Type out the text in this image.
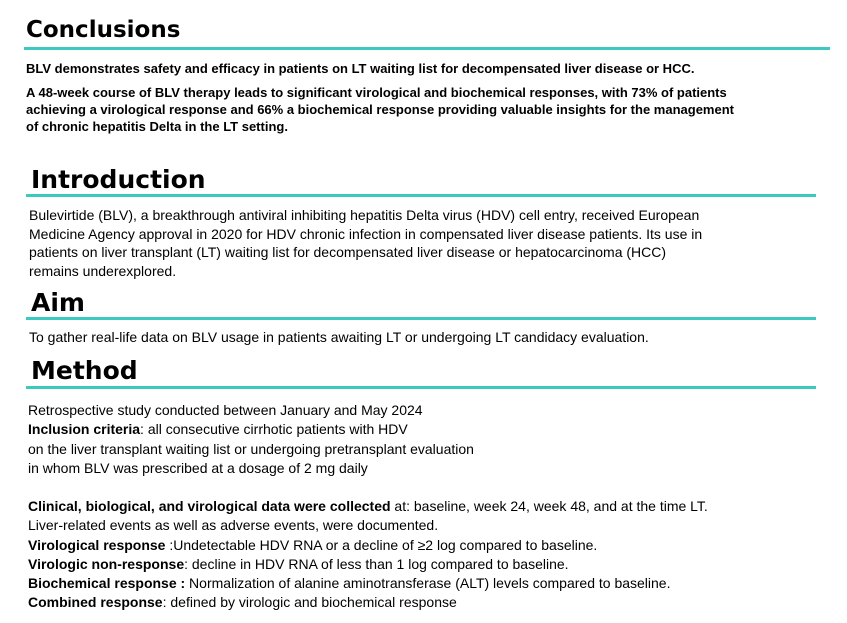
Conclusions

BLV demonstrates safety and efficacy in patients on LT waiting list for decompensated liver disease or HCC.

A 48-week course of BLV therapy leads to significant virological and biochemical responses, with 73% of patients
achieving a virological response and 66% a biochemical response providing valuable insights for the management
of chronic hepatitis Delta in the LT setting.

Introduction

Bulevirtide (BLV), a breakthrough antiviral inhibiting hepatitis Delta virus (HDV) cell entry, received European
Medicine Agency approval in 2020 for HDV chronic infection in compensated liver disease patients. Its use in
patients on liver transplant (LT) waiting list for decompensated liver disease or hepatocarcinoma (HCC)
remains underexplored.

Aim

To gather real-life data on BLV usage in patients awaiting LT or undergoing LT candidacy evaluation.

Method
Retrospective study conducted between January and May 2024
Inclusion criteria: all consecutive cirrhotic patients with HDV
on the liver transplant waiting list or undergoing pretransplant evaluation
in whom BLV was prescribed at a dosage of 2 mg daily
Clinical, biological, and virological data were collected at: baseline, week 24, week 48, and at the time LT.
Liver-related events as well as adverse events, were documented.
Virological response :Undetectable HDV RNA or a decline of ≥2 log compared to baseline.
Virologic non-response: decline in HDV RNA of less than 1 log compared to baseline.
Biochemical response : Normalization of alanine aminotransferase (ALT) levels compared to baseline.
Combined response: defined by virologic and biochemical response
